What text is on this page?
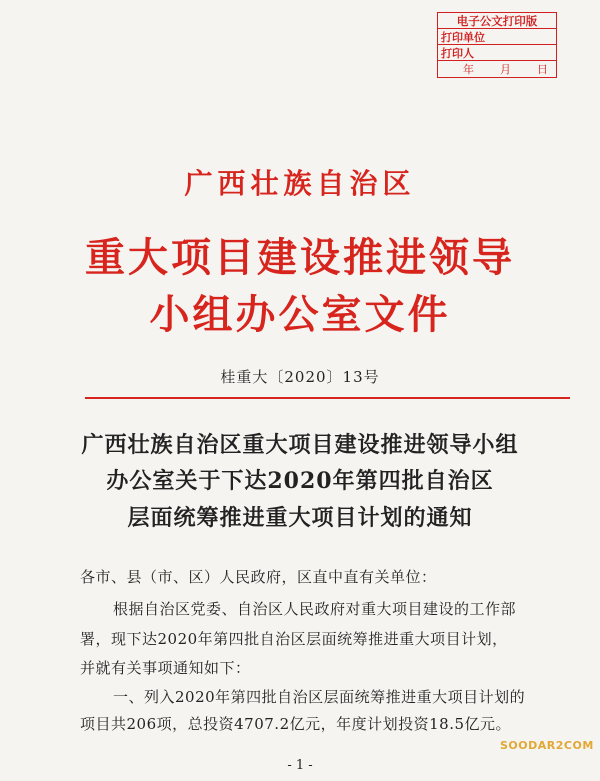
电子公文打印版
打印单位
打印人
年 月 日
广西壮族自治区
重大项目建设推进领导
小组办公室文件
桂重大〔2020〕13号
广西壮族自治区重大项目建设推进领导小组
办公室关于下达2020年第四批自治区
层面统筹推进重大项目计划的通知
各市、县（市、区）人民政府，区直中直有关单位：
根据自治区党委、自治区人民政府对重大项目建设的工作部
署，现下达2020年第四批自治区层面统筹推进重大项目计划，
并就有关事项通知如下：
一、列入2020年第四批自治区层面统筹推进重大项目计划的
项目共206项，总投资4707.2亿元，年度计划投资18.5亿元。
SOODAR2COM
- 1 -
